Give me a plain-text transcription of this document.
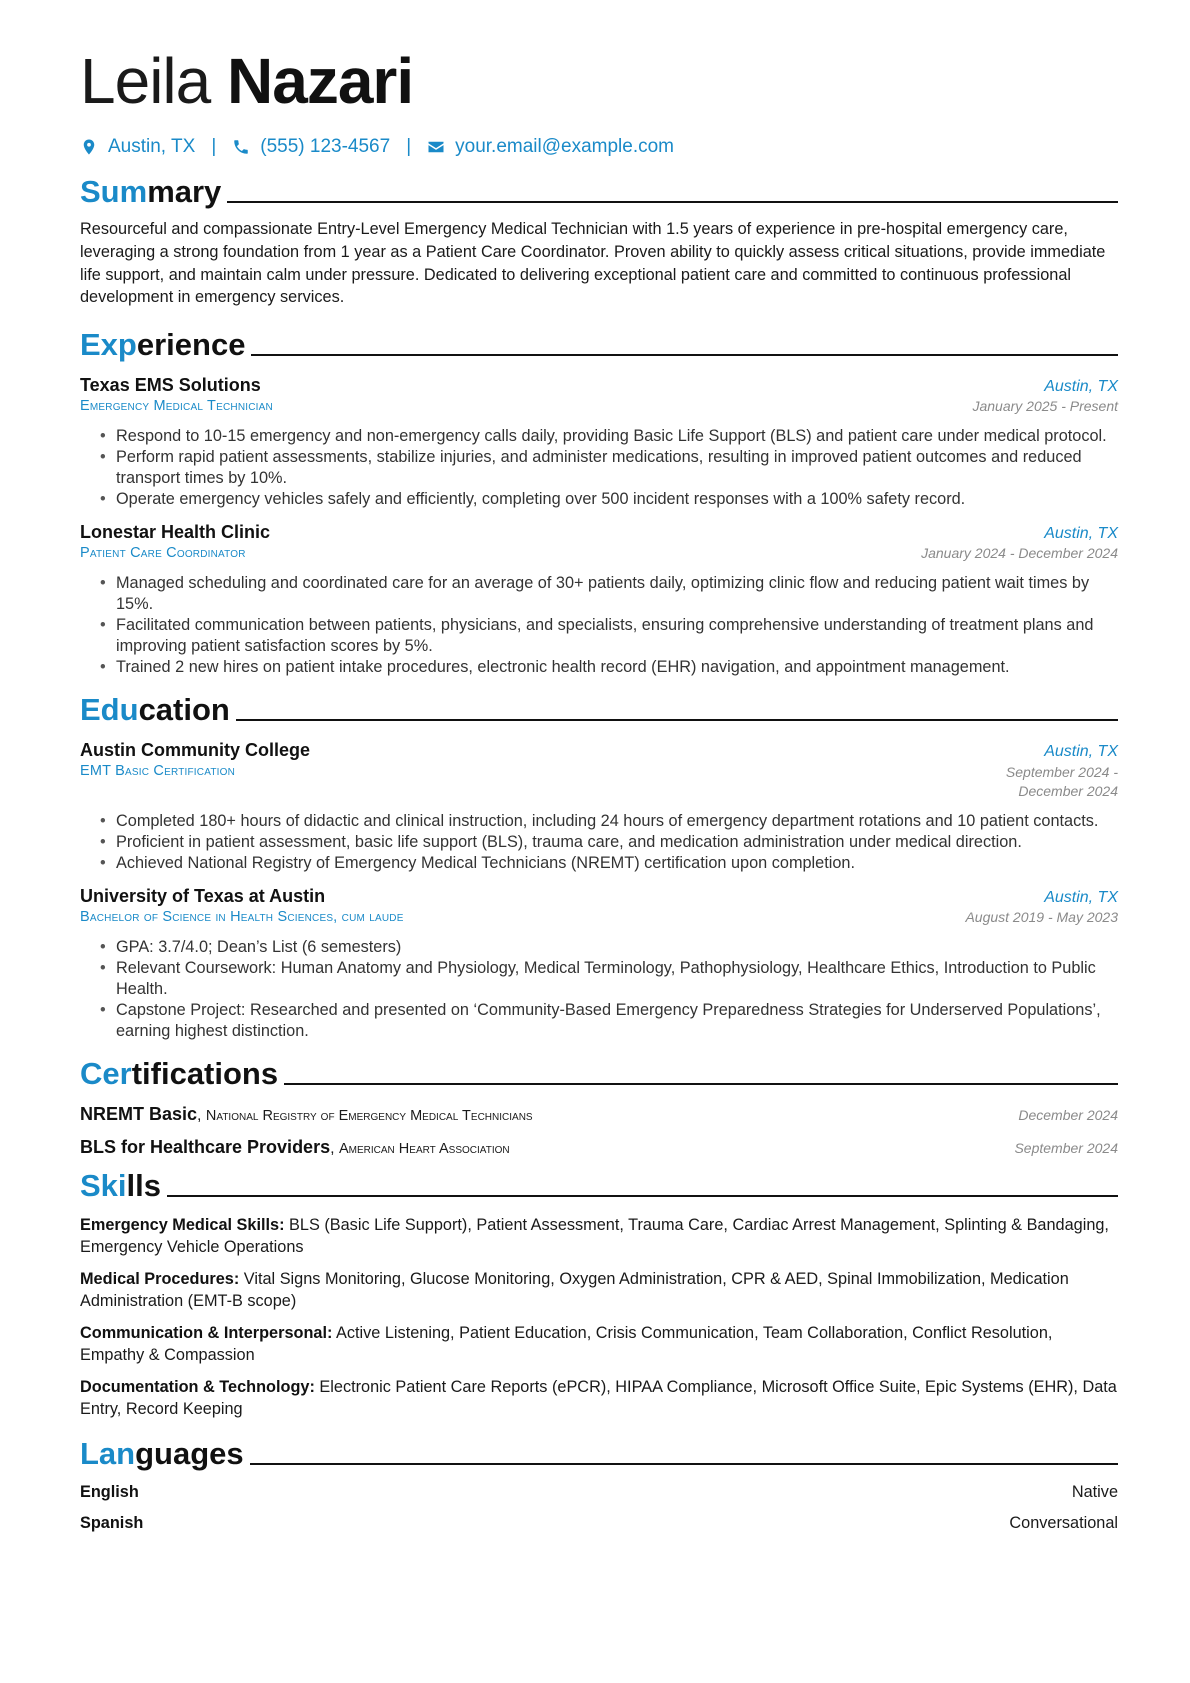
Leila Nazari
Austin, TX | (555) 123-4567 | your.email@example.com
Summary

Resourceful and compassionate Entry-Level Emergency Medical Technician with 1.5 years of experience in pre-hospital emergency care, leveraging a strong foundation from 1 year as a Patient Care Coordinator. Proven ability to quickly assess critical situations, provide immediate life support, and maintain calm under pressure. Dedicated to delivering exceptional patient care and committed to continuous professional development in emergency services.

Experience
Texas EMS Solutions	Austin, TX
Emergency Medical Technician	January 2025 - Present
• Respond to 10-15 emergency and non-emergency calls daily, providing Basic Life Support (BLS) and patient care under medical protocol.
• Perform rapid patient assessments, stabilize injuries, and administer medications, resulting in improved patient outcomes and reduced transport times by 10%.
• Operate emergency vehicles safely and efficiently, completing over 500 incident responses with a 100% safety record.
Lonestar Health Clinic	Austin, TX
Patient Care Coordinator	January 2024 - December 2024
• Managed scheduling and coordinated care for an average of 30+ patients daily, optimizing clinic flow and reducing patient wait times by 15%.
• Facilitated communication between patients, physicians, and specialists, ensuring comprehensive understanding of treatment plans and improving patient satisfaction scores by 5%.
• Trained 2 new hires on patient intake procedures, electronic health record (EHR) navigation, and appointment management.
Education
Austin Community College	Austin, TX
EMT Basic Certification	September 2024 - December 2024
• Completed 180+ hours of didactic and clinical instruction, including 24 hours of emergency department rotations and 10 patient contacts.
• Proficient in patient assessment, basic life support (BLS), trauma care, and medication administration under medical direction.
• Achieved National Registry of Emergency Medical Technicians (NREMT) certification upon completion.
University of Texas at Austin	Austin, TX
Bachelor of Science in Health Sciences, cum laude	August 2019 - May 2023
• GPA: 3.7/4.0; Dean’s List (6 semesters)
• Relevant Coursework: Human Anatomy and Physiology, Medical Terminology, Pathophysiology, Healthcare Ethics, Introduction to Public Health.
• Capstone Project: Researched and presented on ‘Community-Based Emergency Preparedness Strategies for Underserved Populations’, earning highest distinction.
Certifications
NREMT Basic, National Registry of Emergency Medical Technicians	December 2024
BLS for Healthcare Providers, American Heart Association	September 2024
Skills
Emergency Medical Skills: BLS (Basic Life Support), Patient Assessment, Trauma Care, Cardiac Arrest Management, Splinting & Bandaging, Emergency Vehicle Operations
Medical Procedures: Vital Signs Monitoring, Glucose Monitoring, Oxygen Administration, CPR & AED, Spinal Immobilization, Medication Administration (EMT-B scope)
Communication & Interpersonal: Active Listening, Patient Education, Crisis Communication, Team Collaboration, Conflict Resolution, Empathy & Compassion
Documentation & Technology: Electronic Patient Care Reports (ePCR), HIPAA Compliance, Microsoft Office Suite, Epic Systems (EHR), Data Entry, Record Keeping
Languages
English	Native
Spanish	Conversational
